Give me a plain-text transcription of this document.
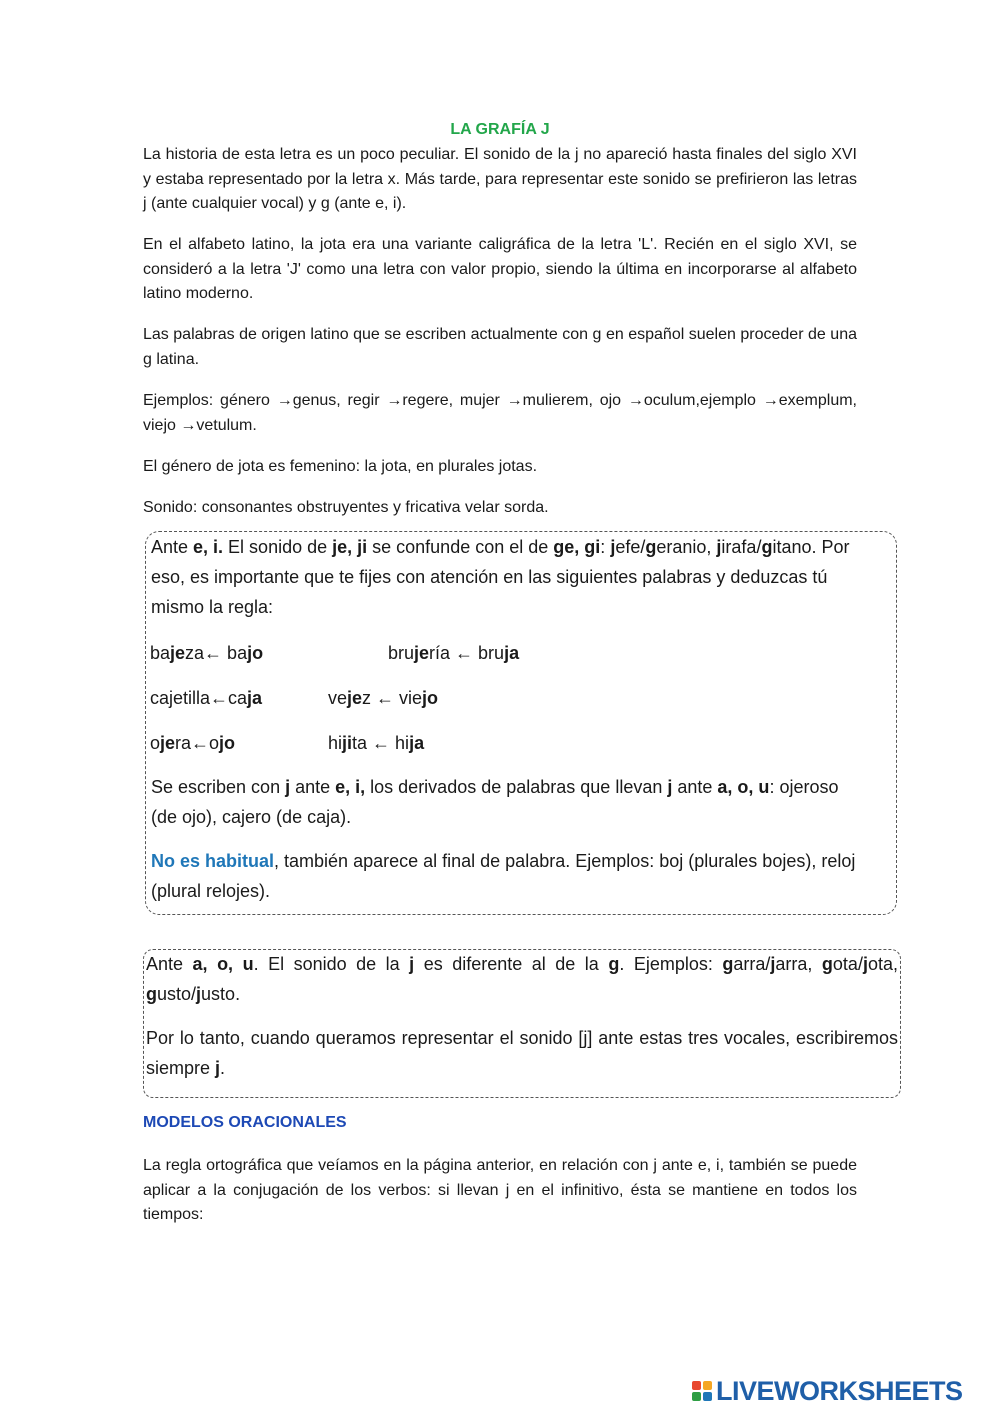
LA GRAFÍA J

La historia de esta letra es un poco peculiar. El sonido de la j no apareció hasta finales del siglo XVI y estaba representado por la letra x. Más tarde, para representar este sonido se prefirieron las letras j (ante cualquier vocal) y g (ante e, i).

En el alfabeto latino, la jota era una variante caligráfica de la letra 'L'. Recién en el siglo XVI, se consideró a la letra 'J' como una letra con valor propio, siendo la última en incorporarse al alfabeto latino moderno.

Las palabras de origen latino que se escriben actualmente con g en español suelen proceder de una g latina.

Ejemplos: género →genus, regir →regere, mujer →mulierem, ojo →oculum,ejemplo →exemplum, viejo →vetulum.

El género de jota es femenino: la jota, en plurales jotas.

Sonido: consonantes obstruyentes y fricativa velar sorda.

Ante e, i. El sonido de je, ji se confunde con el de ge, gi: jefe/geranio, jirafa/gitano. Por eso, es importante que te fijes con atención en las siguientes palabras y deduzcas tú mismo la regla:

bajeza← bajo	brujería ← bruja
cajetilla←caja	vejez ← viejo
ojera←ojo	hijita ← hija

Se escriben con j ante e, i, los derivados de palabras que llevan j ante a, o, u: ojeroso (de ojo), cajero (de caja).

No es habitual, también aparece al final de palabra. Ejemplos: boj (plurales bojes), reloj (plural relojes).

Ante a, o, u. El sonido de la j es diferente al de la g. Ejemplos: garra/jarra, gota/jota, gusto/justo.

Por lo tanto, cuando queramos representar el sonido [j] ante estas tres vocales, escribiremos siempre j.

MODELOS ORACIONALES

La regla ortográfica que veíamos en la página anterior, en relación con j ante e, i, también se puede aplicar a la conjugación de los verbos: si llevan j en el infinitivo, ésta se mantiene en todos los tiempos:

LIVEWORKSHEETS
